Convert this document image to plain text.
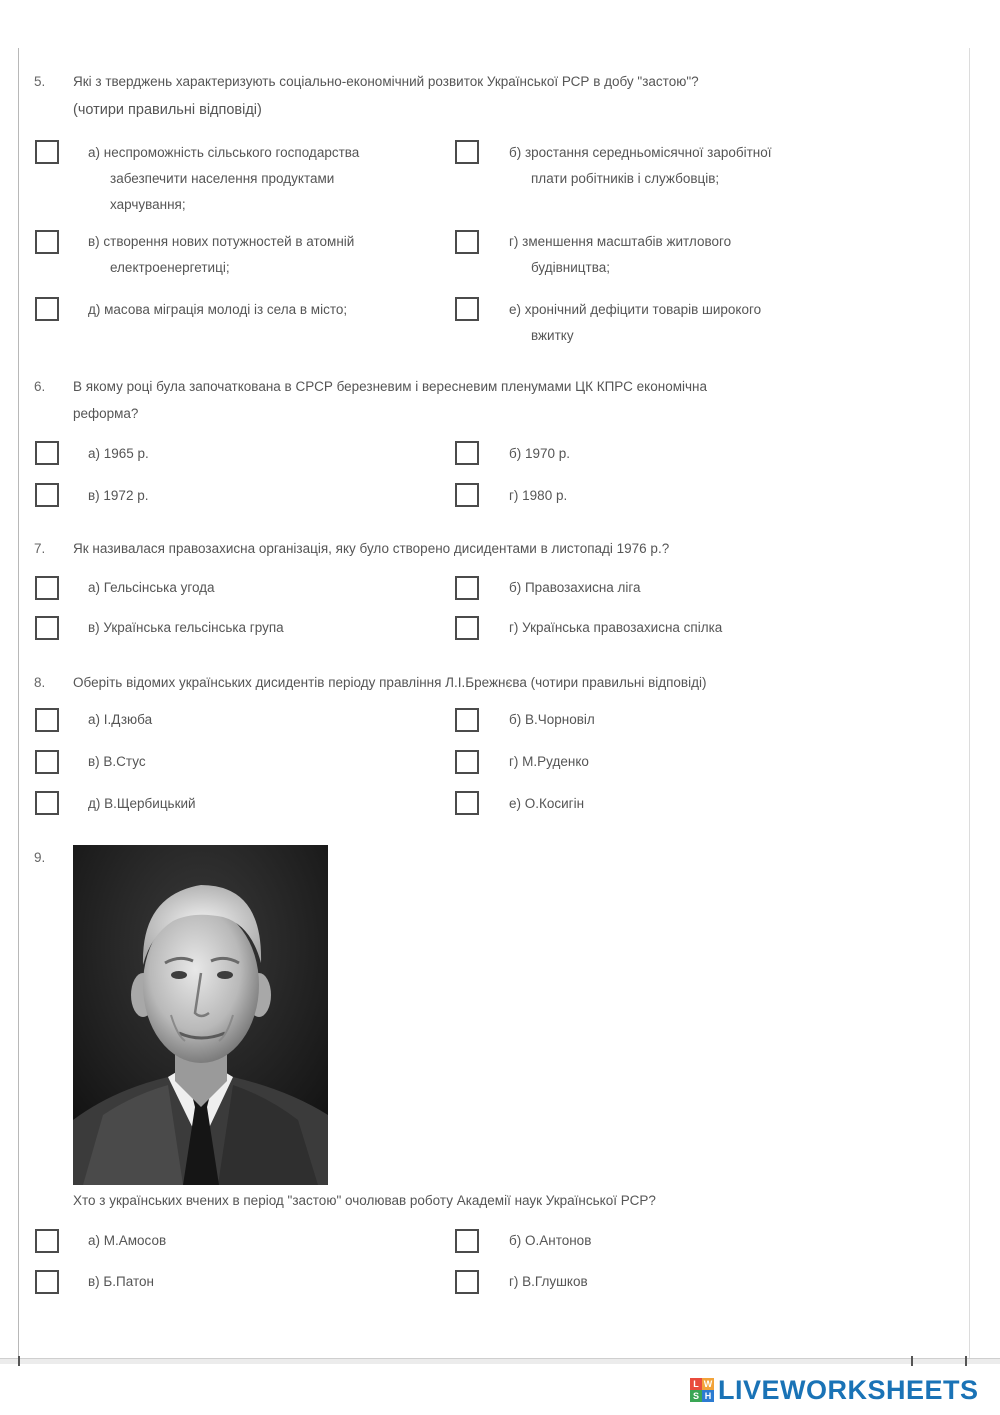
5. Які з тверджень характеризують соціально-економічний розвиток Української РСР в добу "застою"?
(чотири правильні відповіді)
а) неспроможність сільського господарства
забезпечити населення продуктами
харчування;
б) зростання середньомісячної заробітної
плати робітників і службовців;
в) створення нових потужностей в атомній
електроенергетиці;
г) зменшення масштабів житлового
будівництва;
д) масова міграція молоді із села в місто;	е) хронічний дефіцити товарів широкого
вжитку
6. В якому році була започаткована в СРСР березневим і вересневим пленумами ЦК КПРС економічна
реформа?
а) 1965 р.	б) 1970 р.
в) 1972 р.	г) 1980 р.
7. Як називалася правозахисна організація, яку було створено дисидентами в листопаді 1976 р.?
а) Гельсінська угода	б) Правозахисна ліга
в) Українська гельсінська група	г) Українська правозахисна спілка
8. Оберіть відомих українських дисидентів періоду правління Л.І.Брежнєва (чотири правильні відповіді)
а) І.Дзюба	б) В.Чорновіл
в) В.Стус	г) М.Руденко
д) В.Щербицький	е) О.Косигін
9.
Хто з українських вчених в період "застою" очолював роботу Академії наук Української РСР?
а) М.Амосов	б) О.Антонов
в) Б.Патон	г) В.Глушков
L W
S H LIVEWORKSHEETS
